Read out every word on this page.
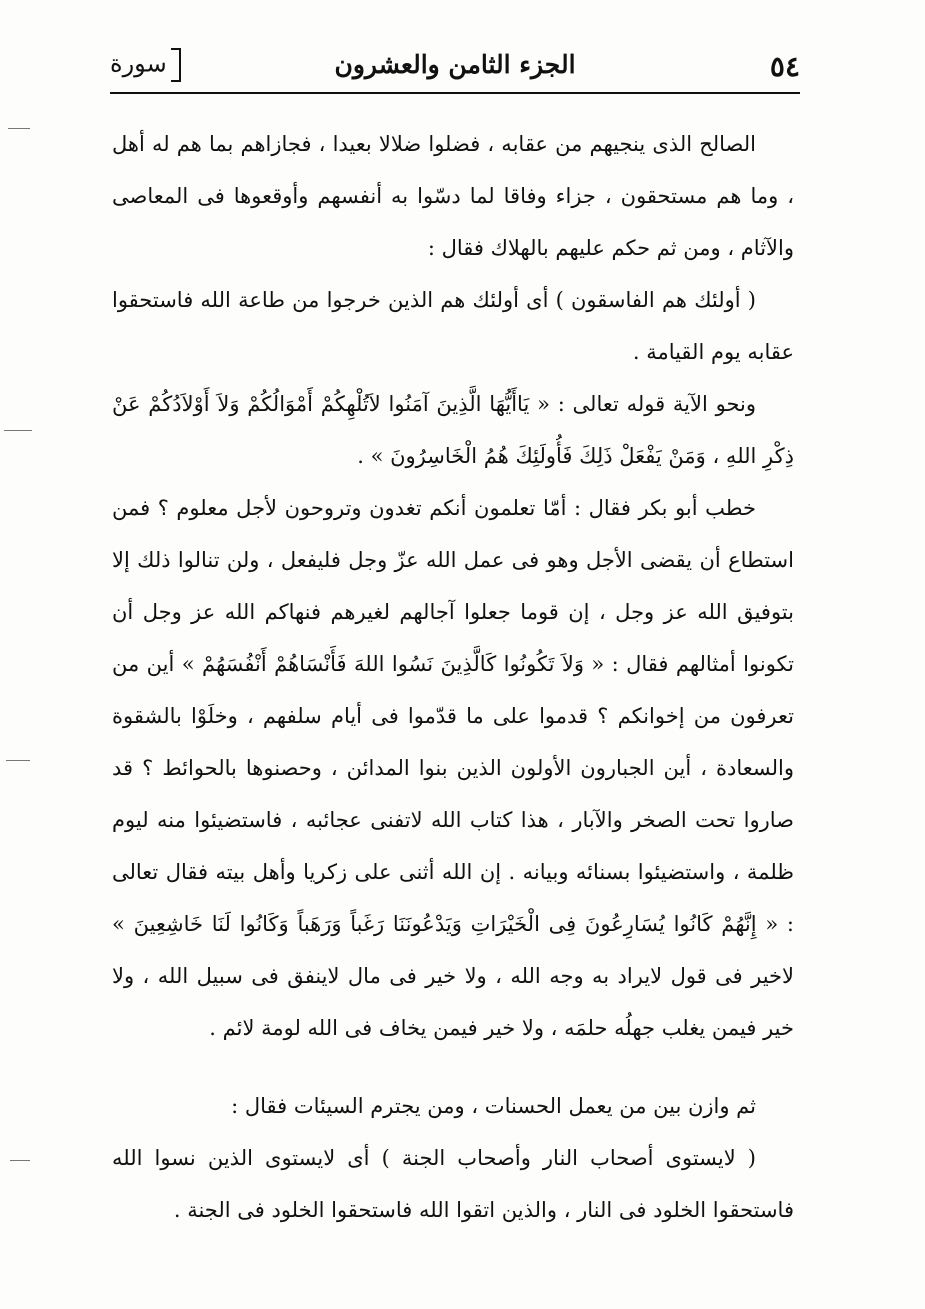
٥٤
الجزء الثامن والعشرون
سورة

الصالح الذى ينجيهم من عقابه ، فضلوا ضلالا بعيدا ، فجازاهم بما هم له أهل ، وما هم مستحقون ، جزاء وفاقا لما دسّوا به أنفسهم وأوقعوها فى المعاصى والآثام ، ومن ثم حكم عليهم بالهلاك فقال :

( أولئك هم الفاسقون ) أى أولئك هم الذين خرجوا من طاعة الله فاستحقوا عقابه يوم القيامة .

ونحو الآية قوله تعالى : « يَاأَيُّهَا الَّذِينَ آمَنُوا لاَتُلْهِكُمْ أَمْوَالُكُمْ وَلاَ أَوْلاَدُكُمْ عَنْ ذِكْرِ اللهِ ، وَمَنْ يَفْعَلْ ذَلِكَ فَأُولَئِكَ هُمُ الْخَاسِرُونَ » .

خطب أبو بكر فقال : أمّا تعلمون أنكم تغدون وتروحون لأجل معلوم ؟ فمن استطاع أن يقضى الأجل وهو فى عمل الله عزّ وجل فليفعل ، ولن تنالوا ذلك إلا بتوفيق الله عز وجل ، إن قوما جعلوا آجالهم لغيرهم فنهاكم الله عز وجل أن تكونوا أمثالهم فقال : « وَلاَ تَكُونُوا كَالَّذِينَ نَسُوا اللهَ فَأَنْسَاهُمْ أَنْفُسَهُمْ » أين من تعرفون من إخوانكم ؟ قدموا على ما قدّموا فى أيام سلفهم ، وخلَوْا بالشقوة والسعادة ، أين الجبارون الأولون الذين بنوا المدائن ، وحصنوها بالحوائط ؟ قد صاروا تحت الصخر والآبار ، هذا كتاب الله لاتفنى عجائبه ، فاستضيئوا منه ليوم ظلمة ، واستضيئوا بسنائه وبيانه . إن الله أثنى على زكريا وأهل بيته فقال تعالى : « إِنَّهُمْ كَانُوا يُسَارِعُونَ فِى الْخَيْرَاتِ وَيَدْعُونَنَا رَغَباً وَرَهَباً وَكَانُوا لَنَا خَاشِعِينَ » لاخير فى قول لايراد به وجه الله ، ولا خير فى مال لاينفق فى سبيل الله ، ولا خير فيمن يغلب جهلُه حلمَه ، ولا خير فيمن يخاف فى الله لومة لائم .

ثم وازن بين من يعمل الحسنات ، ومن يجترم السيئات فقال :

( لايستوى أصحاب النار وأصحاب الجنة ) أى لايستوى الذين نسوا الله فاستحقوا الخلود فى النار ، والذين اتقوا الله فاستحقوا الخلود فى الجنة .
